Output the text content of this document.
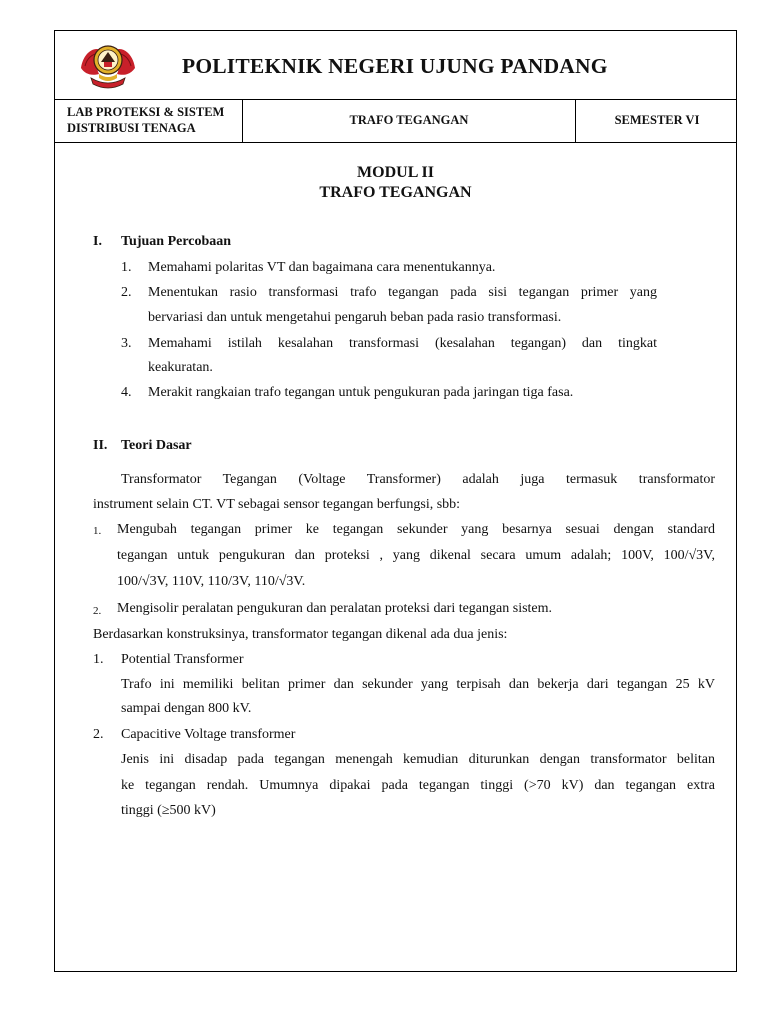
POLITEKNIK NEGERI UJUNG PANDANG
LAB PROTEKSI & SISTEM
DISTRIBUSI TENAGA
TRAFO TEGANGAN	SEMESTER VI
MODUL II
TRAFO TEGANGAN
I. Tujuan Percobaan
1. Memahami polaritas VT dan bagaimana cara menentukannya.
2. Menentukan rasio transformasi trafo tegangan pada sisi tegangan primer yang
bervariasi dan untuk mengetahui pengaruh beban pada rasio transformasi.
3. Memahami istilah kesalahan transformasi (kesalahan tegangan) dan tingkat
keakuratan.
4. Merakit rangkaian trafo tegangan untuk pengukuran pada jaringan tiga fasa.
II. Teori Dasar
Transformator Tegangan (Voltage Transformer) adalah juga termasuk transformator
instrument selain CT. VT sebagai sensor tegangan berfungsi, sbb:
1. Mengubah tegangan primer ke tegangan sekunder yang besarnya sesuai dengan standard
tegangan untuk pengukuran dan proteksi , yang dikenal secara umum adalah; 100V, 100/√3V,
100/√3V, 110V, 110/3V, 110/√3V.
2. Mengisolir peralatan pengukuran dan peralatan proteksi dari tegangan sistem.
Berdasarkan konstruksinya, transformator tegangan dikenal ada dua jenis:
1. Potential Transformer
Trafo ini memiliki belitan primer dan sekunder yang terpisah dan bekerja dari tegangan 25 kV
sampai dengan 800 kV.
2. Capacitive Voltage transformer
Jenis ini disadap pada tegangan menengah kemudian diturunkan dengan transformator belitan
ke tegangan rendah. Umumnya dipakai pada tegangan tinggi (>70 kV) dan tegangan extra
tinggi (≥500 kV)
